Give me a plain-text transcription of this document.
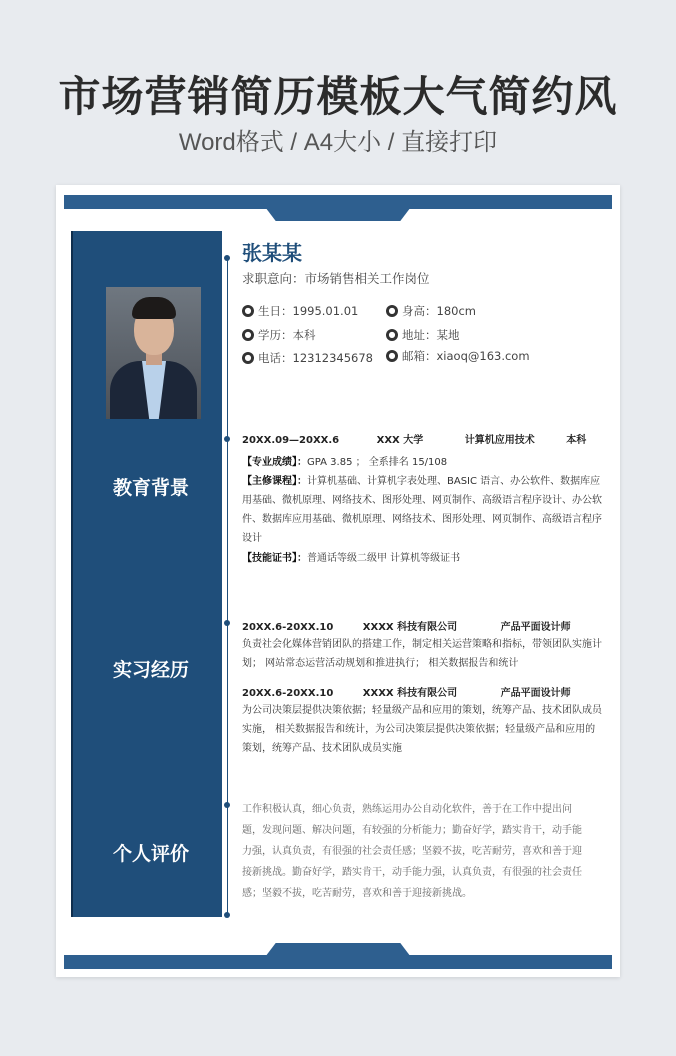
市场营销简历模板大气简约风
Word格式 / A4大小 / 直接打印
教育背景
实习经历
个人评价
张某某
求职意向：市场销售相关工作岗位
● 生日：1995.01.01	● 身高：180cm
● 学历：本科	● 地址：某地
● 电话：12312345678	● 邮箱：xiaoq@163.com
20XX.09—20XX.6	XXX 大学	计算机应用技术	本科
【专业成绩】：GPA 3.85 ； 全系排名 15/108
【主修课程】：计算机基础、计算机字表处理、BASIC 语言、办公软件、数据库应用基础、微机原理、网络技术、图形处理、网页制作、高级语言程序设计、办公软件、数据库应用基础、微机原理、网络技术、图形处理、网页制作、高级语言程序设计
【技能证书】：普通话等级二级甲 计算机等级证书
20XX.6-20XX.10	XXXX 科技有限公司	产品平面设计师
负责社会化媒体营销团队的搭建工作，制定相关运营策略和指标，带领团队实施计划； 网站常态运营活动规划和推进执行； 相关数据报告和统计
20XX.6-20XX.10	XXXX 科技有限公司	产品平面设计师
为公司决策层提供决策依据；轻量级产品和应用的策划，统筹产品、技术团队成员实施， 相关数据报告和统计，为公司决策层提供决策依据；轻量级产品和应用的策划，统筹产品、技术团队成员实施
工作积极认真，细心负责，熟练运用办公自动化软件，善于在工作中提出问题，发现问题、解决问题，有较强的分析能力；勤奋好学，踏实肯干，动手能力强，认真负责，有很强的社会责任感；坚毅不拔，吃苦耐劳，喜欢和善于迎接新挑战。勤奋好学，踏实肯干，动手能力强，认真负责，有很强的社会责任感；坚毅不拔，吃苦耐劳，喜欢和善于迎接新挑战。
